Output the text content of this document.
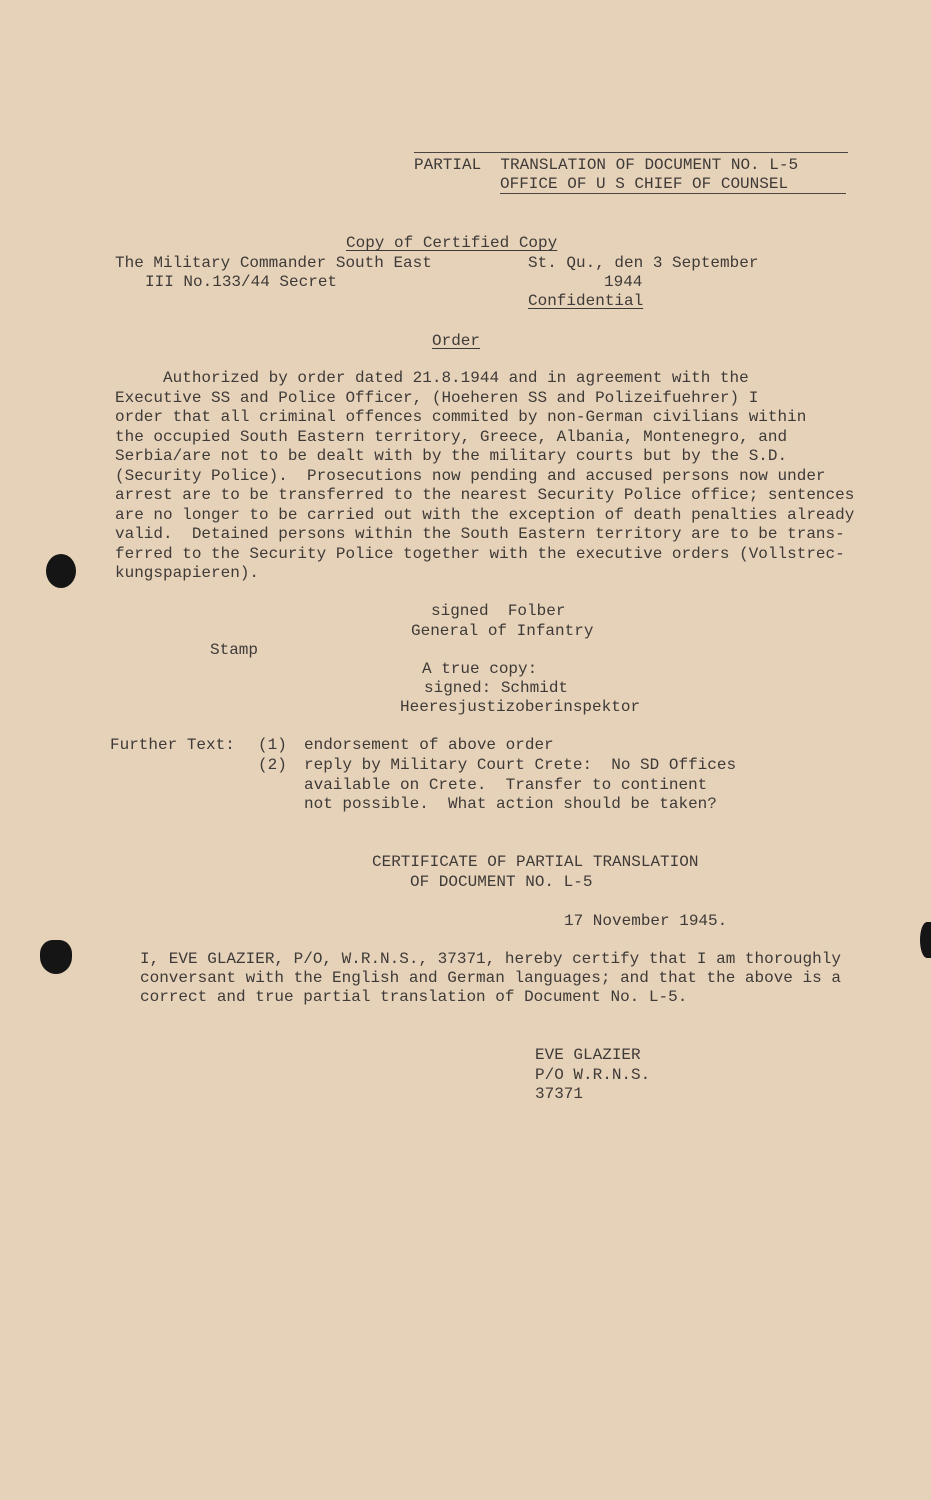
PARTIAL  TRANSLATION OF DOCUMENT NO. L-5
OFFICE OF U S CHIEF OF COUNSEL
Copy of Certified Copy
The Military Commander South East
III No.133/44 Secret
St. Qu., den 3 September
1944
Confidential
Order
Authorized by order dated 21.8.1944 and in agreement with the
Executive SS and Police Officer, (Hoeheren SS and Polizeifuehrer) I
order that all criminal offences commited by non-German civilians within
the occupied South Eastern territory, Greece, Albania, Montenegro, and
Serbia/are not to be dealt with by the military courts but by the S.D.
(Security Police).  Prosecutions now pending and accused persons now under
arrest are to be transferred to the nearest Security Police office; sentences
are no longer to be carried out with the exception of death penalties already
valid.  Detained persons within the South Eastern territory are to be trans-
ferred to the Security Police together with the executive orders (Vollstrec-
kungspapieren).
signed  Folber
General of Infantry
Stamp
A true copy:
signed: Schmidt
Heeresjustizoberinspektor
Further Text: (1) endorsement of above order
(2) reply by Military Court Crete:  No SD Offices
available on Crete.  Transfer to continent
not possible.  What action should be taken?
CERTIFICATE OF PARTIAL TRANSLATION
OF DOCUMENT NO. L-5
17 November 1945.
I, EVE GLAZIER, P/O, W.R.N.S., 37371, hereby certify that I am thoroughly
conversant with the English and German languages; and that the above is a
correct and true partial translation of Document No. L-5.
EVE GLAZIER
P/O W.R.N.S.
37371
